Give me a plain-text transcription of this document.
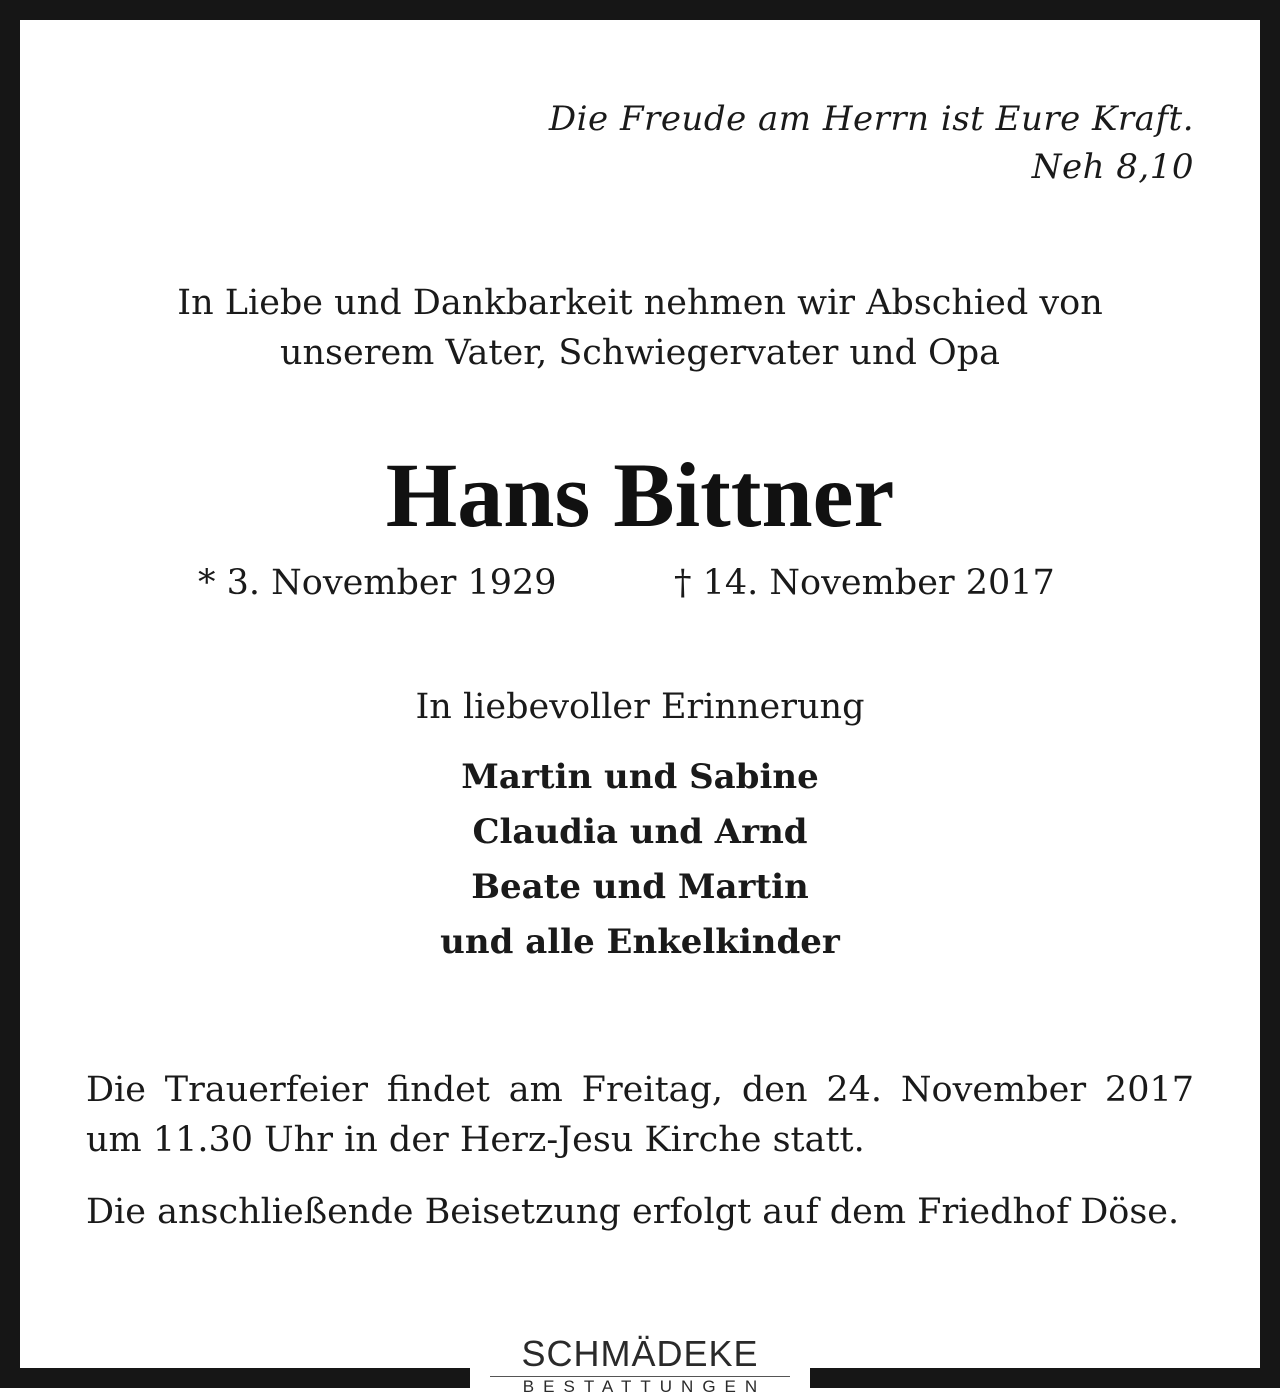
Die Freude am Herrn ist Eure Kraft.
Neh 8,10
In Liebe und Dankbarkeit nehmen wir Abschied von
unserem Vater, Schwiegervater und Opa
Hans Bittner
* 3. November 1929	† 14. November 2017
In liebevoller Erinnerung
Martin und Sabine
Claudia und Arnd
Beate und Martin
und alle Enkelkinder

Die Trauerfeier findet am Freitag, den 24. November 2017 um 11.30 Uhr in der Herz-Jesu Kirche statt.

Die anschließende Beisetzung erfolgt auf dem Friedhof Döse.

SCHMÄDEKE
BESTATTUNGEN
